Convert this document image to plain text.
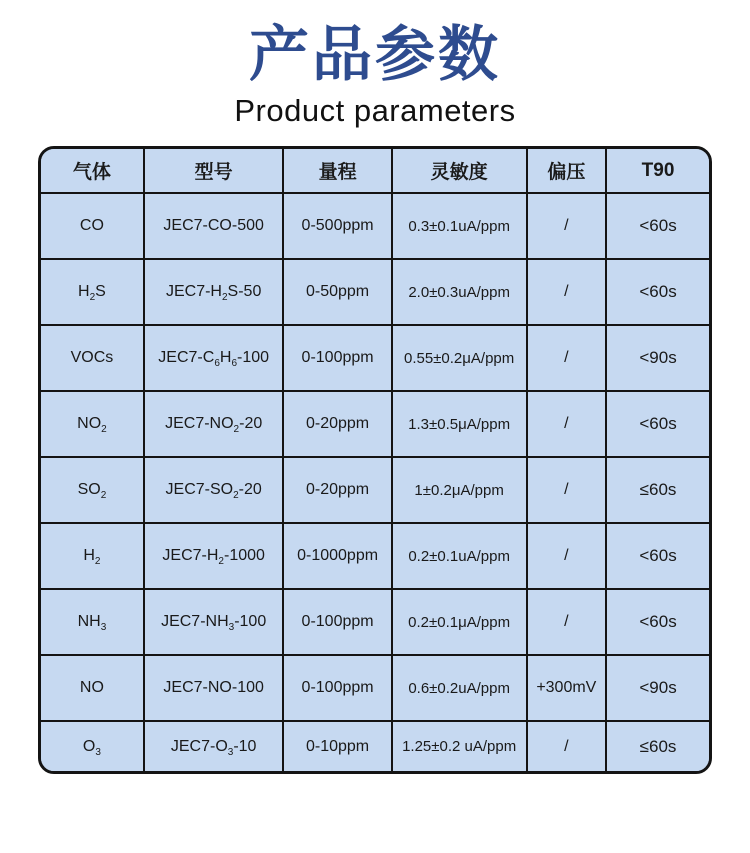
产品参数

Product parameters

气体	型号	量程	灵敏度	偏压	T90
CO	JEC7-CO-500	0-500ppm	0.3±0.1uA/ppm	/	<60s
$H_2S$	$JEC7-H_2S-50$	0-50ppm	2.0±0.3uA/ppm	/	<60s
VOCs	$JEC7-C_6H_6-100$	0-100ppm	0.55±0.2μA/ppm	/	<90s
$NO_2$	$JEC7-NO_2-20$	0-20ppm	1.3±0.5μA/ppm	/	<60s
$SO_2$	$JEC7-SO_2-20$	0-20ppm	1±0.2μA/ppm	/	≤60s
$H_2$	$JEC7-H_2-1000$	0-1000ppm	0.2±0.1uA/ppm	/	<60s
$NH_3$	$JEC7-NH_3-100$	0-100ppm	0.2±0.1μA/ppm	/	<60s
NO	JEC7-NO-100	0-100ppm	0.6±0.2uA/ppm	+300mV	<90s
$O_3$	$JEC7-O_3-10$	0-10ppm	1.25±0.2 uA/ppm	/	≤60s
